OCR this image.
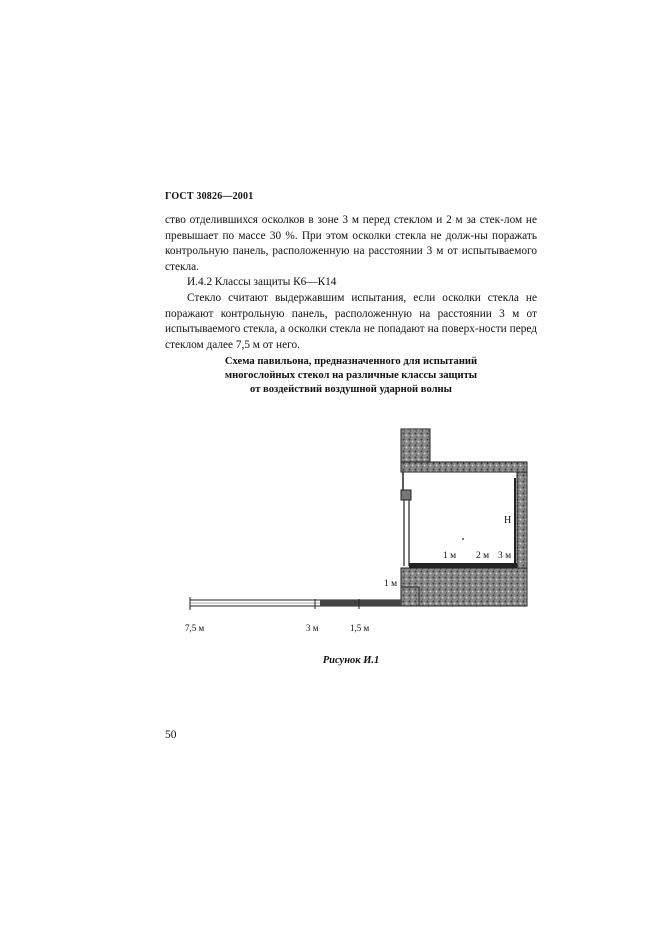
ГОСТ 30826—2001

ство отделившихся осколков в зоне 3 м перед стеклом и 2 м за стек-лом не превышает по массе 30 %. При этом осколки стекла не долж-ны поражать контрольную панель, расположенную на расстоянии 3 м от испытываемого стекла.

И.4.2 Классы защиты К6—К14

Стекло считают выдержавшим испытания, если осколки стекла не поражают контрольную панель, расположенную на расстоянии 3 м от испытываемого стекла, а осколки стекла не попадают на поверх-ности перед стеклом далее 7,5 м от него.

Схема павильона, предназначенного для испытаний
многослойных стекол на различные классы защиты
от воздействий воздушной ударной волны
Н
1 м 2 м 3 м
1 м
7,5 м	3 м	1,5 м
Рисунок И.1
50
